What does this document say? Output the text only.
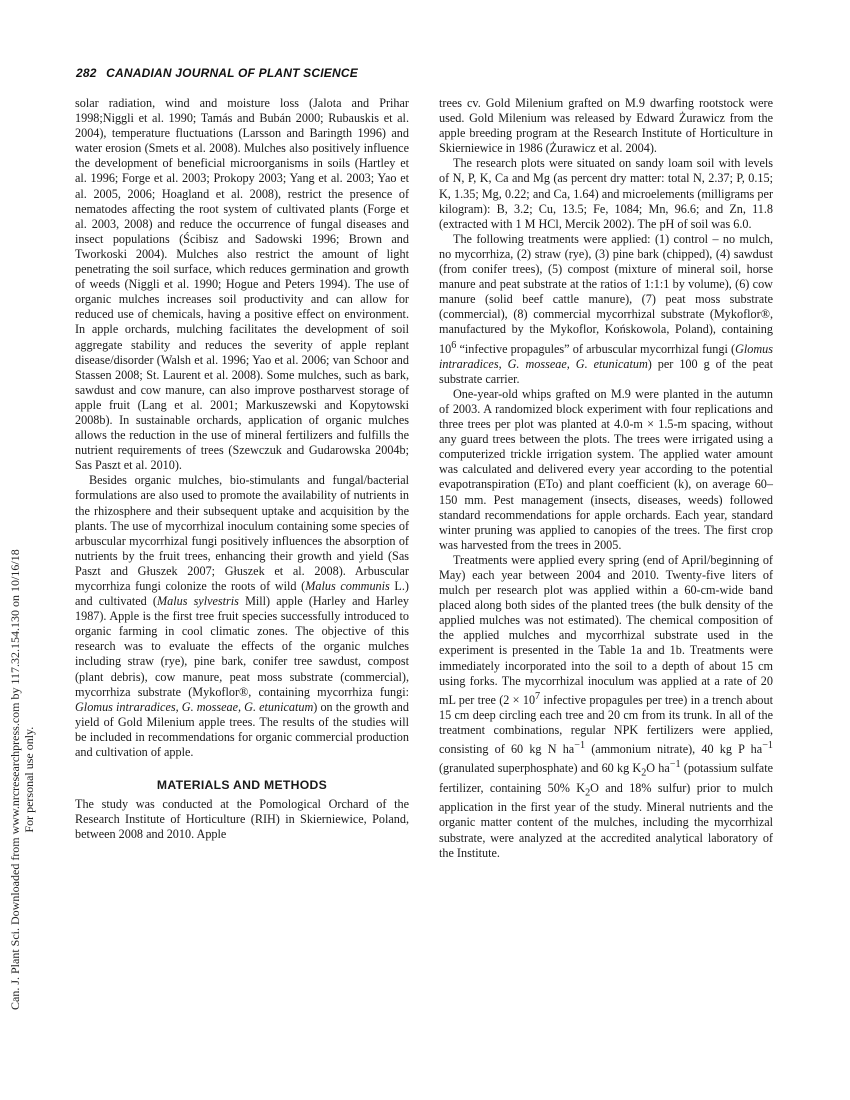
282 CANADIAN JOURNAL OF PLANT SCIENCE
Can. J. Plant Sci. Downloaded from www.nrcresearchpress.com by 117.32.154.130 on 10/16/18 For personal use only.

solar radiation, wind and moisture loss (Jalota and Prihar 1998;Niggli et al. 1990; Tamás and Bubán 2000; Rubauskis et al. 2004), temperature fluctuations (Larsson and Baringth 1996) and water erosion (Smets et al. 2008). Mulches also positively influence the development of beneficial microorganisms in soils (Hartley et al. 1996; Forge et al. 2003; Prokopy 2003; Yang et al. 2003; Yao et al. 2005, 2006; Hoagland et al. 2008), restrict the presence of nematodes affecting the root system of cultivated plants (Forge et al. 2003, 2008) and reduce the occurrence of fungal diseases and insect populations (Ścibisz and Sadowski 1996; Brown and Tworkoski 2004). Mulches also restrict the amount of light penetrating the soil surface, which reduces germination and growth of weeds (Niggli et al. 1990; Hogue and Peters 1994). The use of organic mulches increases soil productivity and can allow for reduced use of chemicals, having a positive effect on environment. In apple orchards, mulching facilitates the development of soil aggregate stability and reduces the severity of apple replant disease/disorder (Walsh et al. 1996; Yao et al. 2006; van Schoor and Stassen 2008; St. Laurent et al. 2008). Some mulches, such as bark, sawdust and cow manure, can also improve postharvest storage of apple fruit (Lang et al. 2001; Markuszewski and Kopytowski 2008b). In sustainable orchards, application of organic mulches allows the reduction in the use of mineral fertilizers and fulfills the nutrient requirements of trees (Szewczuk and Gudarowska 2004b; Sas Paszt et al. 2010).

Besides organic mulches, bio-stimulants and fungal/bacterial formulations are also used to promote the availability of nutrients in the rhizosphere and their subsequent uptake and acquisition by the plants. The use of mycorrhizal inoculum containing some species of arbuscular mycorrhizal fungi positively influences the absorption of nutrients by the fruit trees, enhancing their growth and yield (Sas Paszt and Głuszek 2007; Głuszek et al. 2008). Arbuscular mycorrhiza fungi colonize the roots of wild (Malus communis L.) and cultivated (Malus sylvestris Mill) apple (Harley and Harley 1987). Apple is the first tree fruit species successfully introduced to organic farming in cool climatic zones. The objective of this research was to evaluate the effects of the organic mulches including straw (rye), pine bark, conifer tree sawdust, compost (plant debris), cow manure, peat moss substrate (commercial), mycorrhiza substrate (Mykoflor®, containing mycorrhiza fungi: Glomus intraradices, G. mosseae, G. etunicatum) on the growth and yield of Gold Milenium apple trees. The results of the studies will be included in recommendations for organic commercial production and cultivation of apple.

MATERIALS AND METHODS

The study was conducted at the Pomological Orchard of the Research Institute of Horticulture (RIH) in Skierniewice, Poland, between 2008 and 2010. Apple

trees cv. Gold Milenium grafted on M.9 dwarfing rootstock were used. Gold Milenium was released by Edward Żurawicz from the apple breeding program at the Research Institute of Horticulture in Skierniewice in 1986 (Żurawicz et al. 2004).

The research plots were situated on sandy loam soil with levels of N, P, K, Ca and Mg (as percent dry matter: total N, 2.37; P, 0.15; K, 1.35; Mg, 0.22; and Ca, 1.64) and microelements (milligrams per kilogram): B, 3.2; Cu, 13.5; Fe, 1084; Mn, 96.6; and Zn, 11.8 (extracted with 1 M HCl, Mercik 2002). The pH of soil was 6.0.

The following treatments were applied: (1) control – no mulch, no mycorrhiza, (2) straw (rye), (3) pine bark (chipped), (4) sawdust (from conifer trees), (5) compost (mixture of mineral soil, horse manure and peat substrate at the ratios of 1:1:1 by volume), (6) cow manure (solid beef cattle manure), (7) peat moss substrate (commercial), (8) commercial mycorrhizal substrate (Mykoflor®, manufactured by the Mykoflor, Końskowola, Poland), containing $10^6$ “infective propagules” of arbuscular mycorrhizal fungi (Glomus intraradices, G. mosseae, G. etunicatum) per 100 g of the peat substrate carrier.

One-year-old whips grafted on M.9 were planted in the autumn of 2003. A randomized block experiment with four replications and three trees per plot was planted at 4.0-m × 1.5-m spacing, without any guard trees between the plots. The trees were irrigated using a computerized trickle irrigation system. The applied water amount was calculated and delivered every year according to the potential evapotranspiration (ETo) and plant coefficient (k), on average 60–150 mm. Pest management (insects, diseases, weeds) followed standard recommendations for apple orchards. Each year, standard winter pruning was applied to canopies of the trees. The first crop was harvested from the trees in 2005.

Treatments were applied every spring (end of April/beginning of May) each year between 2004 and 2010. Twenty-five liters of mulch per research plot was applied within a 60-cm-wide band placed along both sides of the planted trees (the bulk density of the applied mulches was not estimated). The chemical composition of the applied mulches and mycorrhizal substrate used in the experiment is presented in the Table 1a and 1b. Treatments were immediately incorporated into the soil to a depth of about 15 cm using forks. The mycorrhizal inoculum was applied at a rate of 20 mL per tree ($2 \times 10^7$ infective propagules per tree) in a trench about 15 cm deep circling each tree and 20 cm from its trunk. In all of the treatment combinations, regular NPK fertilizers were applied, consisting of 60 kg N $ha^{-1}$ (ammonium nitrate), 40 kg P $ha^{-1}$ (granulated superphosphate) and 60 kg $K_2O$ $ha^{-1}$ (potassium sulfate fertilizer, containing 50% $K_2O$ and 18% sulfur) prior to mulch application in the first year of the study. Mineral nutrients and the organic matter content of the mulches, including the mycorrhizal substrate, were analyzed at the accredited analytical laboratory of the Institute.
